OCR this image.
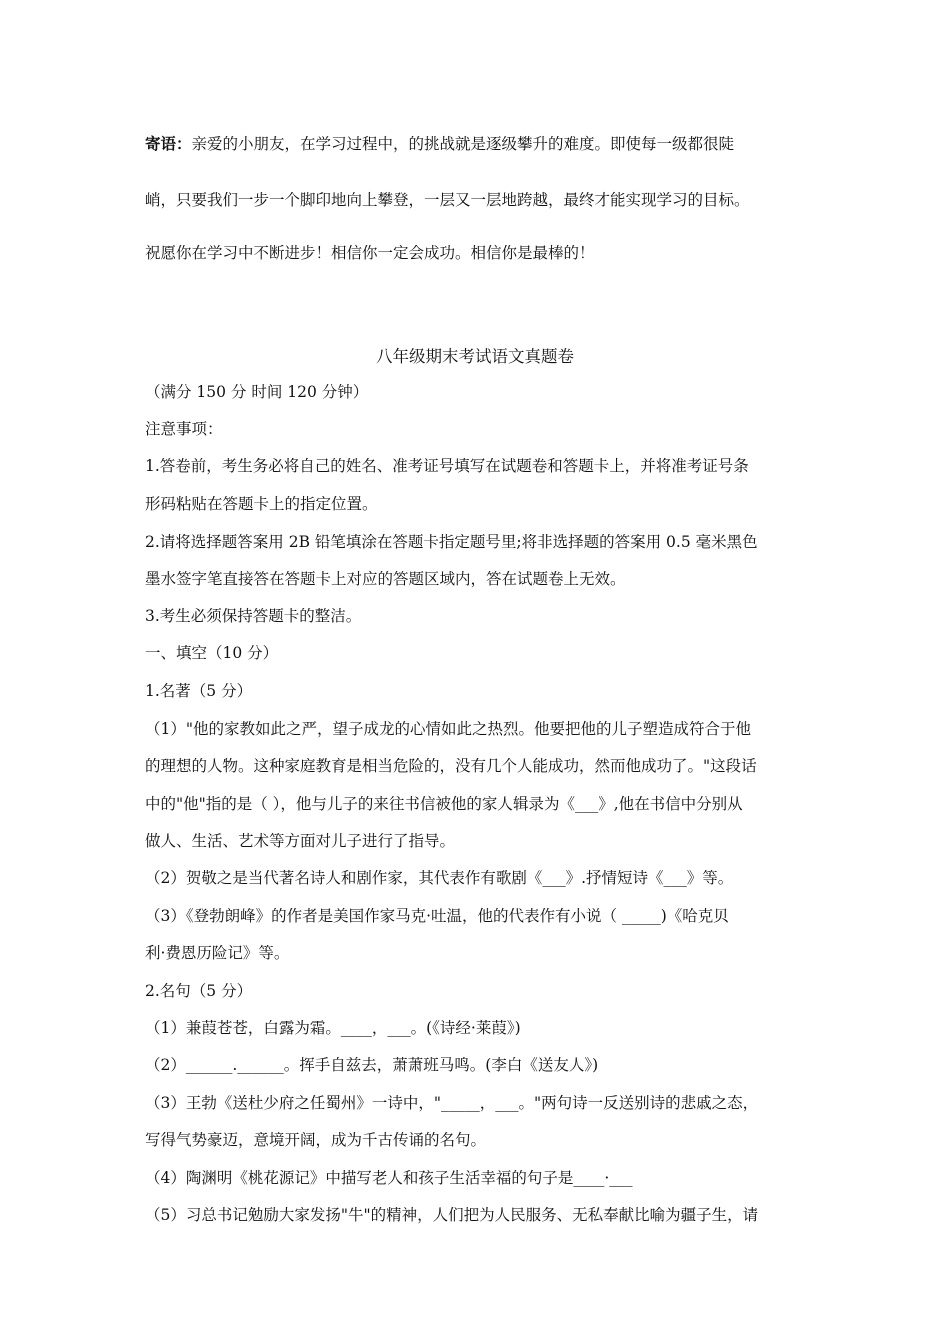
寄语：亲爱的小朋友，在学习过程中，的挑战就是逐级攀升的难度。即使每一级都很陡
峭，只要我们一步一个脚印地向上攀登，一层又一层地跨越，最终才能实现学习的目标。
祝愿你在学习中不断进步！相信你一定会成功。相信你是最棒的！
八年级期末考试语文真题卷
（满分 150 分 时间 120 分钟）
注意事项：
1.答卷前，考生务必将自己的姓名、准考证号填写在试题卷和答题卡上，并将准考证号条
形码粘贴在答题卡上的指定位置。
2.请将选择题答案用 2B 铅笔填涂在答题卡指定题号里;将非选择题的答案用 0.5 毫米黑色
墨水签字笔直接答在答题卡上对应的答题区域内，答在试题卷上无效。
3.考生必须保持答题卡的整洁。
一、填空（10 分）
1.名著（5 分）
（1）"他的家教如此之严，望子成龙的心情如此之热烈。他要把他的儿子塑造成符合于他
的理想的人物。这种家庭教育是相当危险的，没有几个人能成功，然而他成功了。"这段话
中的"他"指的是（ ），他与儿子的来往书信被他的家人辑录为《___》,他在书信中分别从
做人、生活、艺术等方面对儿子进行了指导。
（2）贺敬之是当代著名诗人和剧作家，其代表作有歌剧《___》.抒情短诗《___》等。
（3）《登勃朗峰》的作者是美国作家马克·吐温，他的代表作有小说（ _____)《哈克贝
利·费恩历险记》等。
2.名句（5 分）
（1）兼葭苍苍，白露为霜。____，___。(《诗经·莱葭》)
（2）______.______。挥手自兹去，萧萧班马鸣。(李白《送友人》)
（3）王勃《送杜少府之任蜀州》一诗中，"_____，___。"两句诗一反送别诗的悲戚之态，
写得气势豪迈，意境开阔，成为千古传诵的名句。
（4）陶渊明《桃花源记》中描写老人和孩子生活幸福的句子是____·___
（5）习总书记勉励大家发扬"牛"的精神，人们把为人民服务、无私奉献比喻为疆子生，请
